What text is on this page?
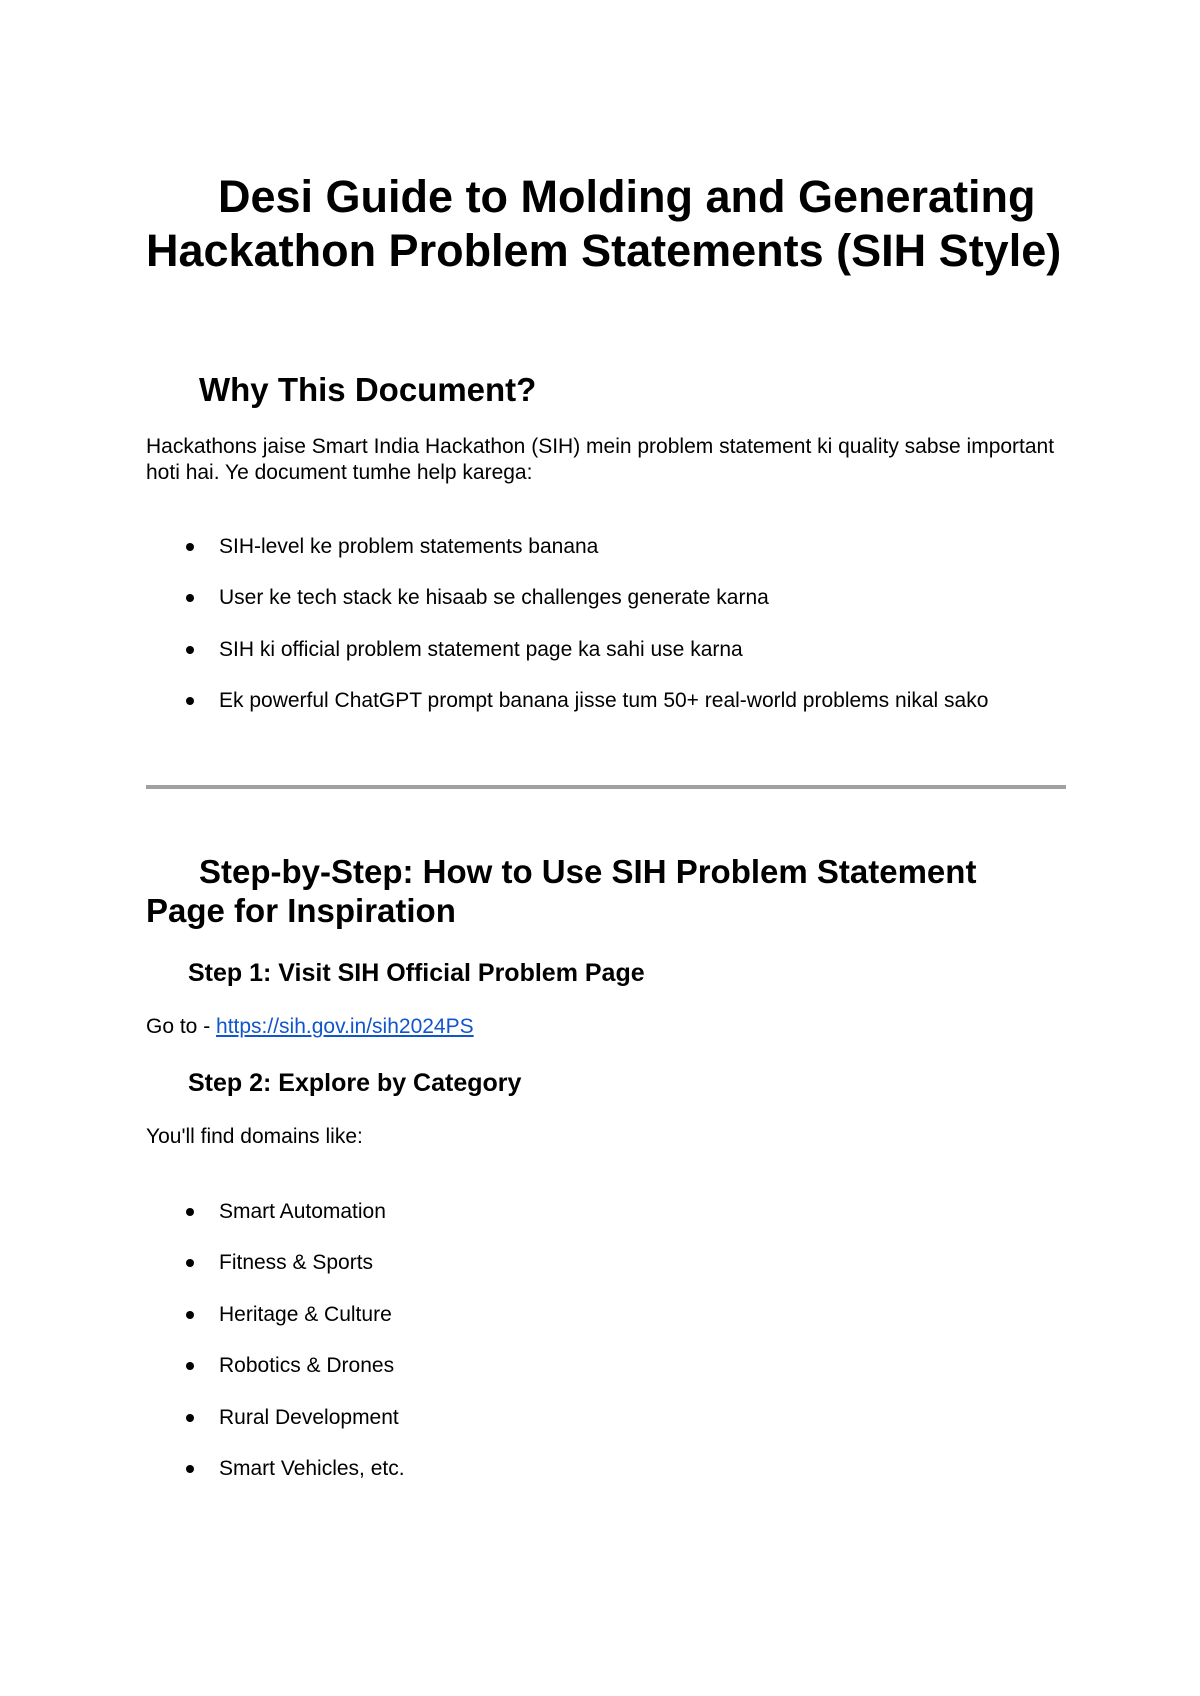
Desi Guide to Molding and Generating Hackathon Problem Statements (SIH Style)
Why This Document?

Hackathons jaise Smart India Hackathon (SIH) mein problem statement ki quality sabse important hoti hai. Ye document tumhe help karega:

SIH-level ke problem statements banana
User ke tech stack ke hisaab se challenges generate karna
SIH ki official problem statement page ka sahi use karna
Ek powerful ChatGPT prompt banana jisse tum 50+ real-world problems nikal sako
Step-by-Step: How to Use SIH Problem Statement Page for Inspiration
Step 1: Visit SIH Official Problem Page

Go to - https://sih.gov.in/sih2024PS

Step 2: Explore by Category

You'll find domains like:

Smart Automation
Fitness & Sports
Heritage & Culture
Robotics & Drones
Rural Development
Smart Vehicles, etc.
